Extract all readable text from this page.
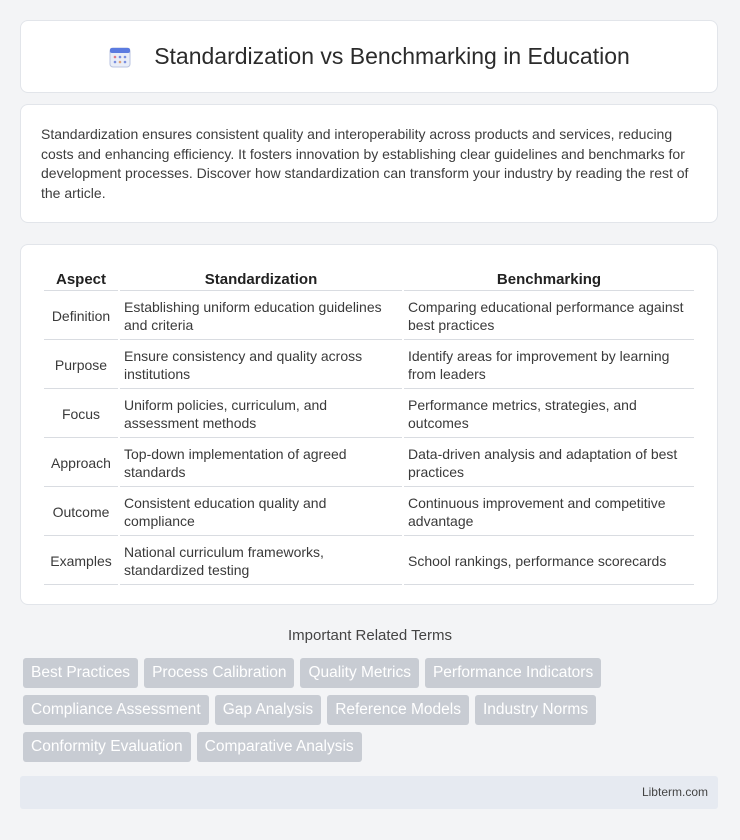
Standardization vs Benchmarking in Education
Standardization ensures consistent quality and interoperability across products and services, reducing costs and enhancing efficiency. It fosters innovation by establishing clear guidelines and benchmarks for development processes. Discover how standardization can transform your industry by reading the rest of the article.
Aspect	Standardization	Benchmarking
Definition	Establishing uniform education guidelines and criteria	Comparing educational performance against best practices
Purpose	Ensure consistency and quality across institutions	Identify areas for improvement by learning from leaders
Focus	Uniform policies, curriculum, and assessment methods	Performance metrics, strategies, and outcomes
Approach	Top-down implementation of agreed standards	Data-driven analysis and adaptation of best practices
Outcome	Consistent education quality and compliance	Continuous improvement and competitive advantage
Examples	National curriculum frameworks, standardized testing	School rankings, performance scorecards
Important Related Terms
Best Practices	Process Calibration	Quality Metrics	Performance Indicators
Compliance Assessment	Gap Analysis	Reference Models	Industry Norms
Conformity Evaluation	Comparative Analysis
Libterm.com
